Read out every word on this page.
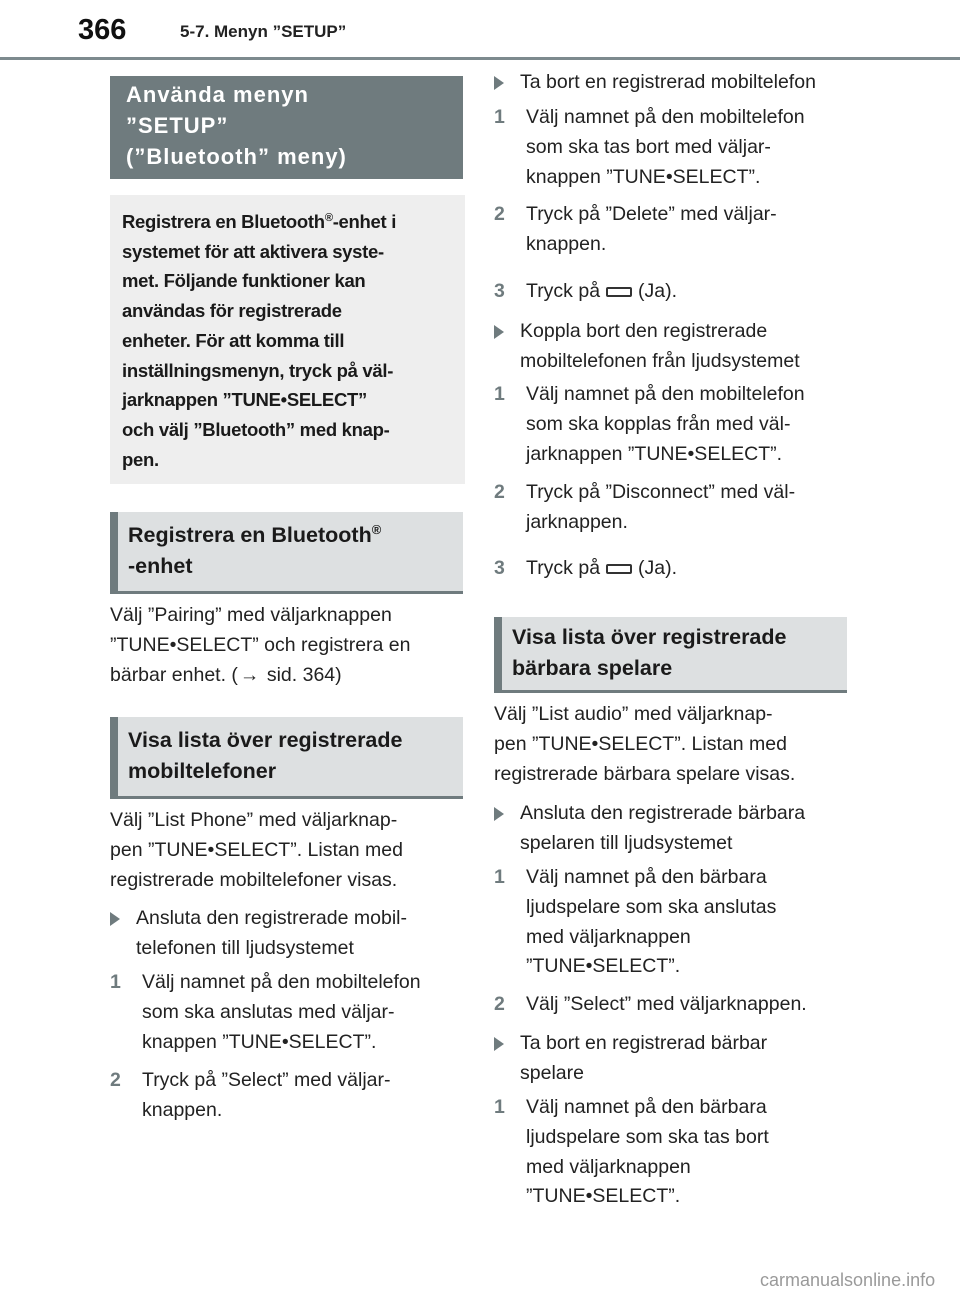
366	5-7. Menyn ”SETUP”
Använda menyn
”SETUP”
(”Bluetooth” meny)
Registrera en Bluetooth®-enhet i
systemet för att aktivera syste-
met. Följande funktioner kan
användas för registrerade
enheter. För att komma till
inställningsmenyn, tryck på väl-
jarknappen ”TUNE•SELECT”
och välj ”Bluetooth” med knap-
pen.
Registrera en Bluetooth®
-enhet
Välj ”Pairing” med väljarknappen
”TUNE•SELECT” och registrera en
bärbar enhet. ( → sid. 364)
Visa lista över registrerade
mobiltelefoner
Välj ”List Phone” med väljarknap-
pen ”TUNE•SELECT”. Listan med
registrerade mobiltelefoner visas.
Ansluta den registrerade mobil-
telefonen till ljudsystemet
1 Välj namnet på den mobiltelefon
som ska anslutas med väljar-
knappen ”TUNE•SELECT”.
2 Tryck på ”Select” med väljar-
knappen.
Ta bort en registrerad mobiltelefon
1 Välj namnet på den mobiltelefon
som ska tas bort med väljar-
knappen ”TUNE•SELECT”.
2 Tryck på ”Delete” med väljar-
knappen.
3 Tryck på (Ja).
Koppla bort den registrerade
mobiltelefonen från ljudsystemet
1 Välj namnet på den mobiltelefon
som ska kopplas från med väl-
jarknappen ”TUNE•SELECT”.
2 Tryck på ”Disconnect” med väl-
jarknappen.
3 Tryck på (Ja).
Visa lista över registrerade
bärbara spelare
Välj ”List audio” med väljarknap-
pen ”TUNE•SELECT”. Listan med
registrerade bärbara spelare visas.
Ansluta den registrerade bärbara
spelaren till ljudsystemet
1 Välj namnet på den bärbara
ljudspelare som ska anslutas
med väljarknappen
”TUNE•SELECT”.
2 Välj ”Select” med väljarknappen.
Ta bort en registrerad bärbar
spelare
1 Välj namnet på den bärbara
ljudspelare som ska tas bort
med väljarknappen
”TUNE•SELECT”.
carmanualsonline.info
